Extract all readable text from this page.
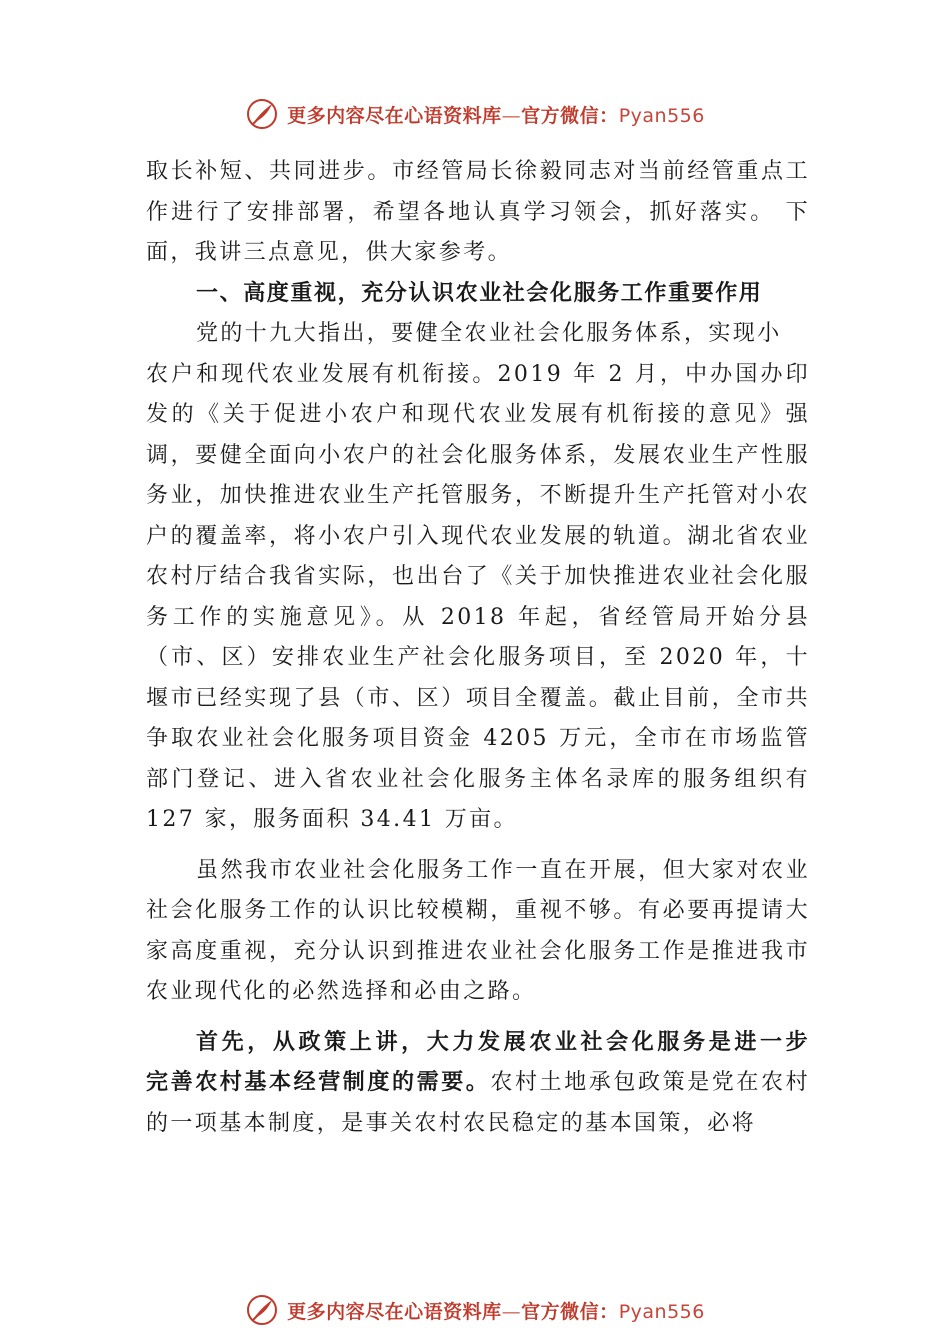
更多内容尽在心语资料库—官方微信：Pyan556

取长补短、共同进步。市经管局长徐毅同志对当前经管重点工作进行了安排部署，希望各地认真学习领会，抓好落实。 下面，我讲三点意见，供大家参考。

一、高度重视，充分认识农业社会化服务工作重要作用

党的十九大指出，要健全农业社会化服务体系，实现小

农户和现代农业发展有机衔接。2019 年 2 月，中办国办印发的《关于促进小农户和现代农业发展有机衔接的意见》强调，要健全面向小农户的社会化服务体系，发展农业生产性服务业，加快推进农业生产托管服务，不断提升生产托管对小农户的覆盖率，将小农户引入现代农业发展的轨道。湖北省农业农村厅结合我省实际，也出台了《关于加快推进农业社会化服务工作的实施意见》。从 2018 年起，省经管局开始分县（市、区）安排农业生产社会化服务项目，至 2020 年，十堰市已经实现了县（市、区）项目全覆盖。截止目前，全市共争取农业社会化服务项目资金 4205 万元，全市在市场监管部门登记、进入省农业社会化服务主体名录库的服务组织有 127 家，服务面积 34.41 万亩。

虽然我市农业社会化服务工作一直在开展，但大家对农业社会化服务工作的认识比较模糊，重视不够。有必要再提请大家高度重视，充分认识到推进农业社会化服务工作是推进我市农业现代化的必然选择和必由之路。

首先，从政策上讲，大力发展农业社会化服务是进一步 完善农村基本经营制度的需要。农村土地承包政策是党在农村的一项基本制度，是事关农村农民稳定的基本国策，必将

更多内容尽在心语资料库—官方微信：Pyan556
